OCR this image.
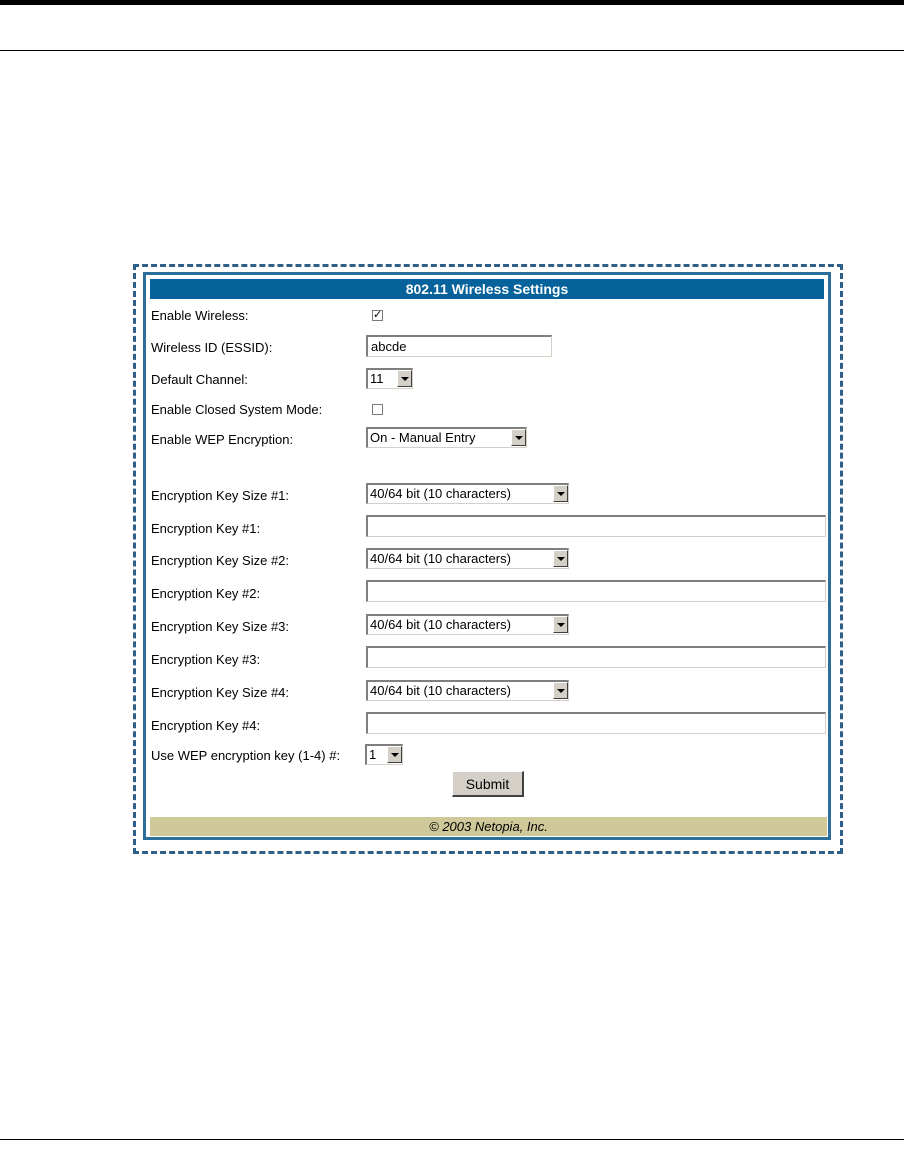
802.11 Wireless Settings
Enable Wireless:	✓
Wireless ID (ESSID):
abcde
Default Channel:	11
Enable Closed System Mode:
Enable WEP Encryption:	On - Manual Entry
Encryption Key Size #1:	40/64 bit (10 characters)
Encryption Key #1:
Encryption Key Size #2:	40/64 bit (10 characters)
Encryption Key #2:
Encryption Key Size #3:	40/64 bit (10 characters)
Encryption Key #3:
Encryption Key Size #4:	40/64 bit (10 characters)
Encryption Key #4:
Use WEP encryption key (1-4) #: 1
Submit
© 2003 Netopia, Inc.
